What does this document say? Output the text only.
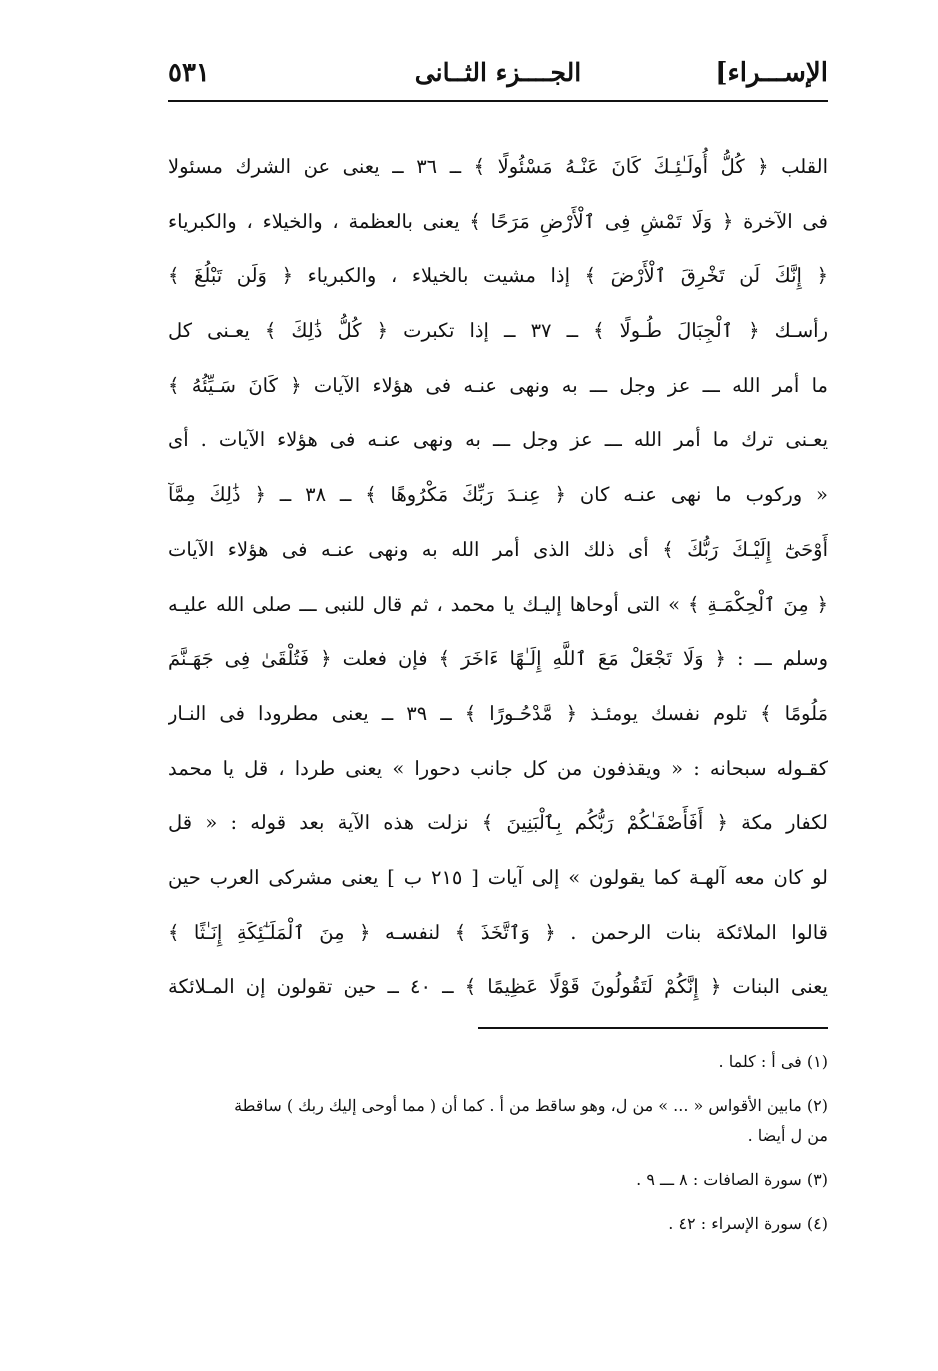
الإســـراء]
الجــــزء الثــانى
٥٣١
القلب ﴿ كُلُّ أُولَـٰئِـكَ كَانَ عَنْـهُ مَسْئُولًا ﴾ ــ ٣٦ ــ يعنى عن الشرك مسئولا
فى الآخرة ﴿ وَلَا تَمْشِ فِى ٱلْأَرْضِ مَرَحًا ﴾ يعنى بالعظمة ، والخيلاء ، والكبرياء
﴿ إِنَّكَ لَن تَخْرِقَ ٱلْأَرْضَ ﴾ إذا مشيت بالخيلاء ، والكبرياء ﴿ وَلَن تَبْلُغَ ﴾
رأسـك ﴿ ٱلْجِبَالَ طُـولًا ﴾ ــ ٣٧ ــ إذا تكبرت ﴿ كُلُّ ذَٰلِكَ ﴾ يعـنى كل
ما أمر الله ـــ عز وجل ـــ به ونهى عنـه فى هؤلاء الآيات ﴿ كَانَ سَـيِّئُهُ ﴾
يعـنى ترك ما أمر الله ـــ عز وجل ـــ به ونهى عنـه فى هؤلاء الآيات . أى
« وركوب ما نهى عنـه كان ﴿ عِنـدَ رَبِّكَ مَكْرُوهًا ﴾ ــ ٣٨ ــ ﴿ ذَٰلِكَ مِمَّآ
أَوْحَىٰٓ إِلَيْـكَ رَبُّكَ ﴾ أى ذلك الذى أمر الله به ونهى عنـه فى هؤلاء الآيات
﴿ مِنَ ٱلْحِكْمَـةِ ﴾ » التى أوحاها إليـك يا محمد ، ثم قال للنبى ـــ صلى الله عليـه
وسلم ـــ : ﴿ وَلَا تَجْعَلْ مَعَ ٱللَّهِ إِلَـٰهًا ءَاخَرَ ﴾ فإن فعلت ﴿ فَتُلْقَىٰ فِى جَهَـنَّمَ
مَلُومًا ﴾ تلوم نفسك يومئـذ ﴿ مَّدْحُـورًا ﴾ ــ ٣٩ ــ يعنى مطرودا فى النـار
كقـوله سبحانه : « ويقذفون من كل جانب دحورا » يعنى طردا ، قل يا محمد
لكفار مكة ﴿ أَفَأَصْفَـٰكُمْ رَبُّكُم بِٱلْبَنِينَ ﴾ نزلت هذه الآية بعد قوله : « قل
لو كان معه آلهـة كما يقولون » إلى آيات [ ٢١٥ ب ] يعنى مشركى العرب حين
قالوا الملائكة بنات الرحمن . ﴿ وَٱتَّخَذَ ﴾ لنفسـه ﴿ مِنَ ٱلْمَلَـٰٓئِكَةِ إِنَـٰثًا ﴾
يعنى البنات ﴿ إِنَّكُمْ لَتَقُولُونَ قَوْلًا عَظِيمًا ﴾ ــ ٤٠ ــ حين تقولون إن المـلائكة
(١) فى أ : كلما .
(٢) مابين الأقواس « ... » من ل، وهو ساقط من أ . كما أن ( مما أوحى إليك ربك ) ساقطة
من ل أيضا .
(٣) سورة الصافات : ٨ ـــ ٩ .
(٤) سورة الإسراء : ٤٢ .
